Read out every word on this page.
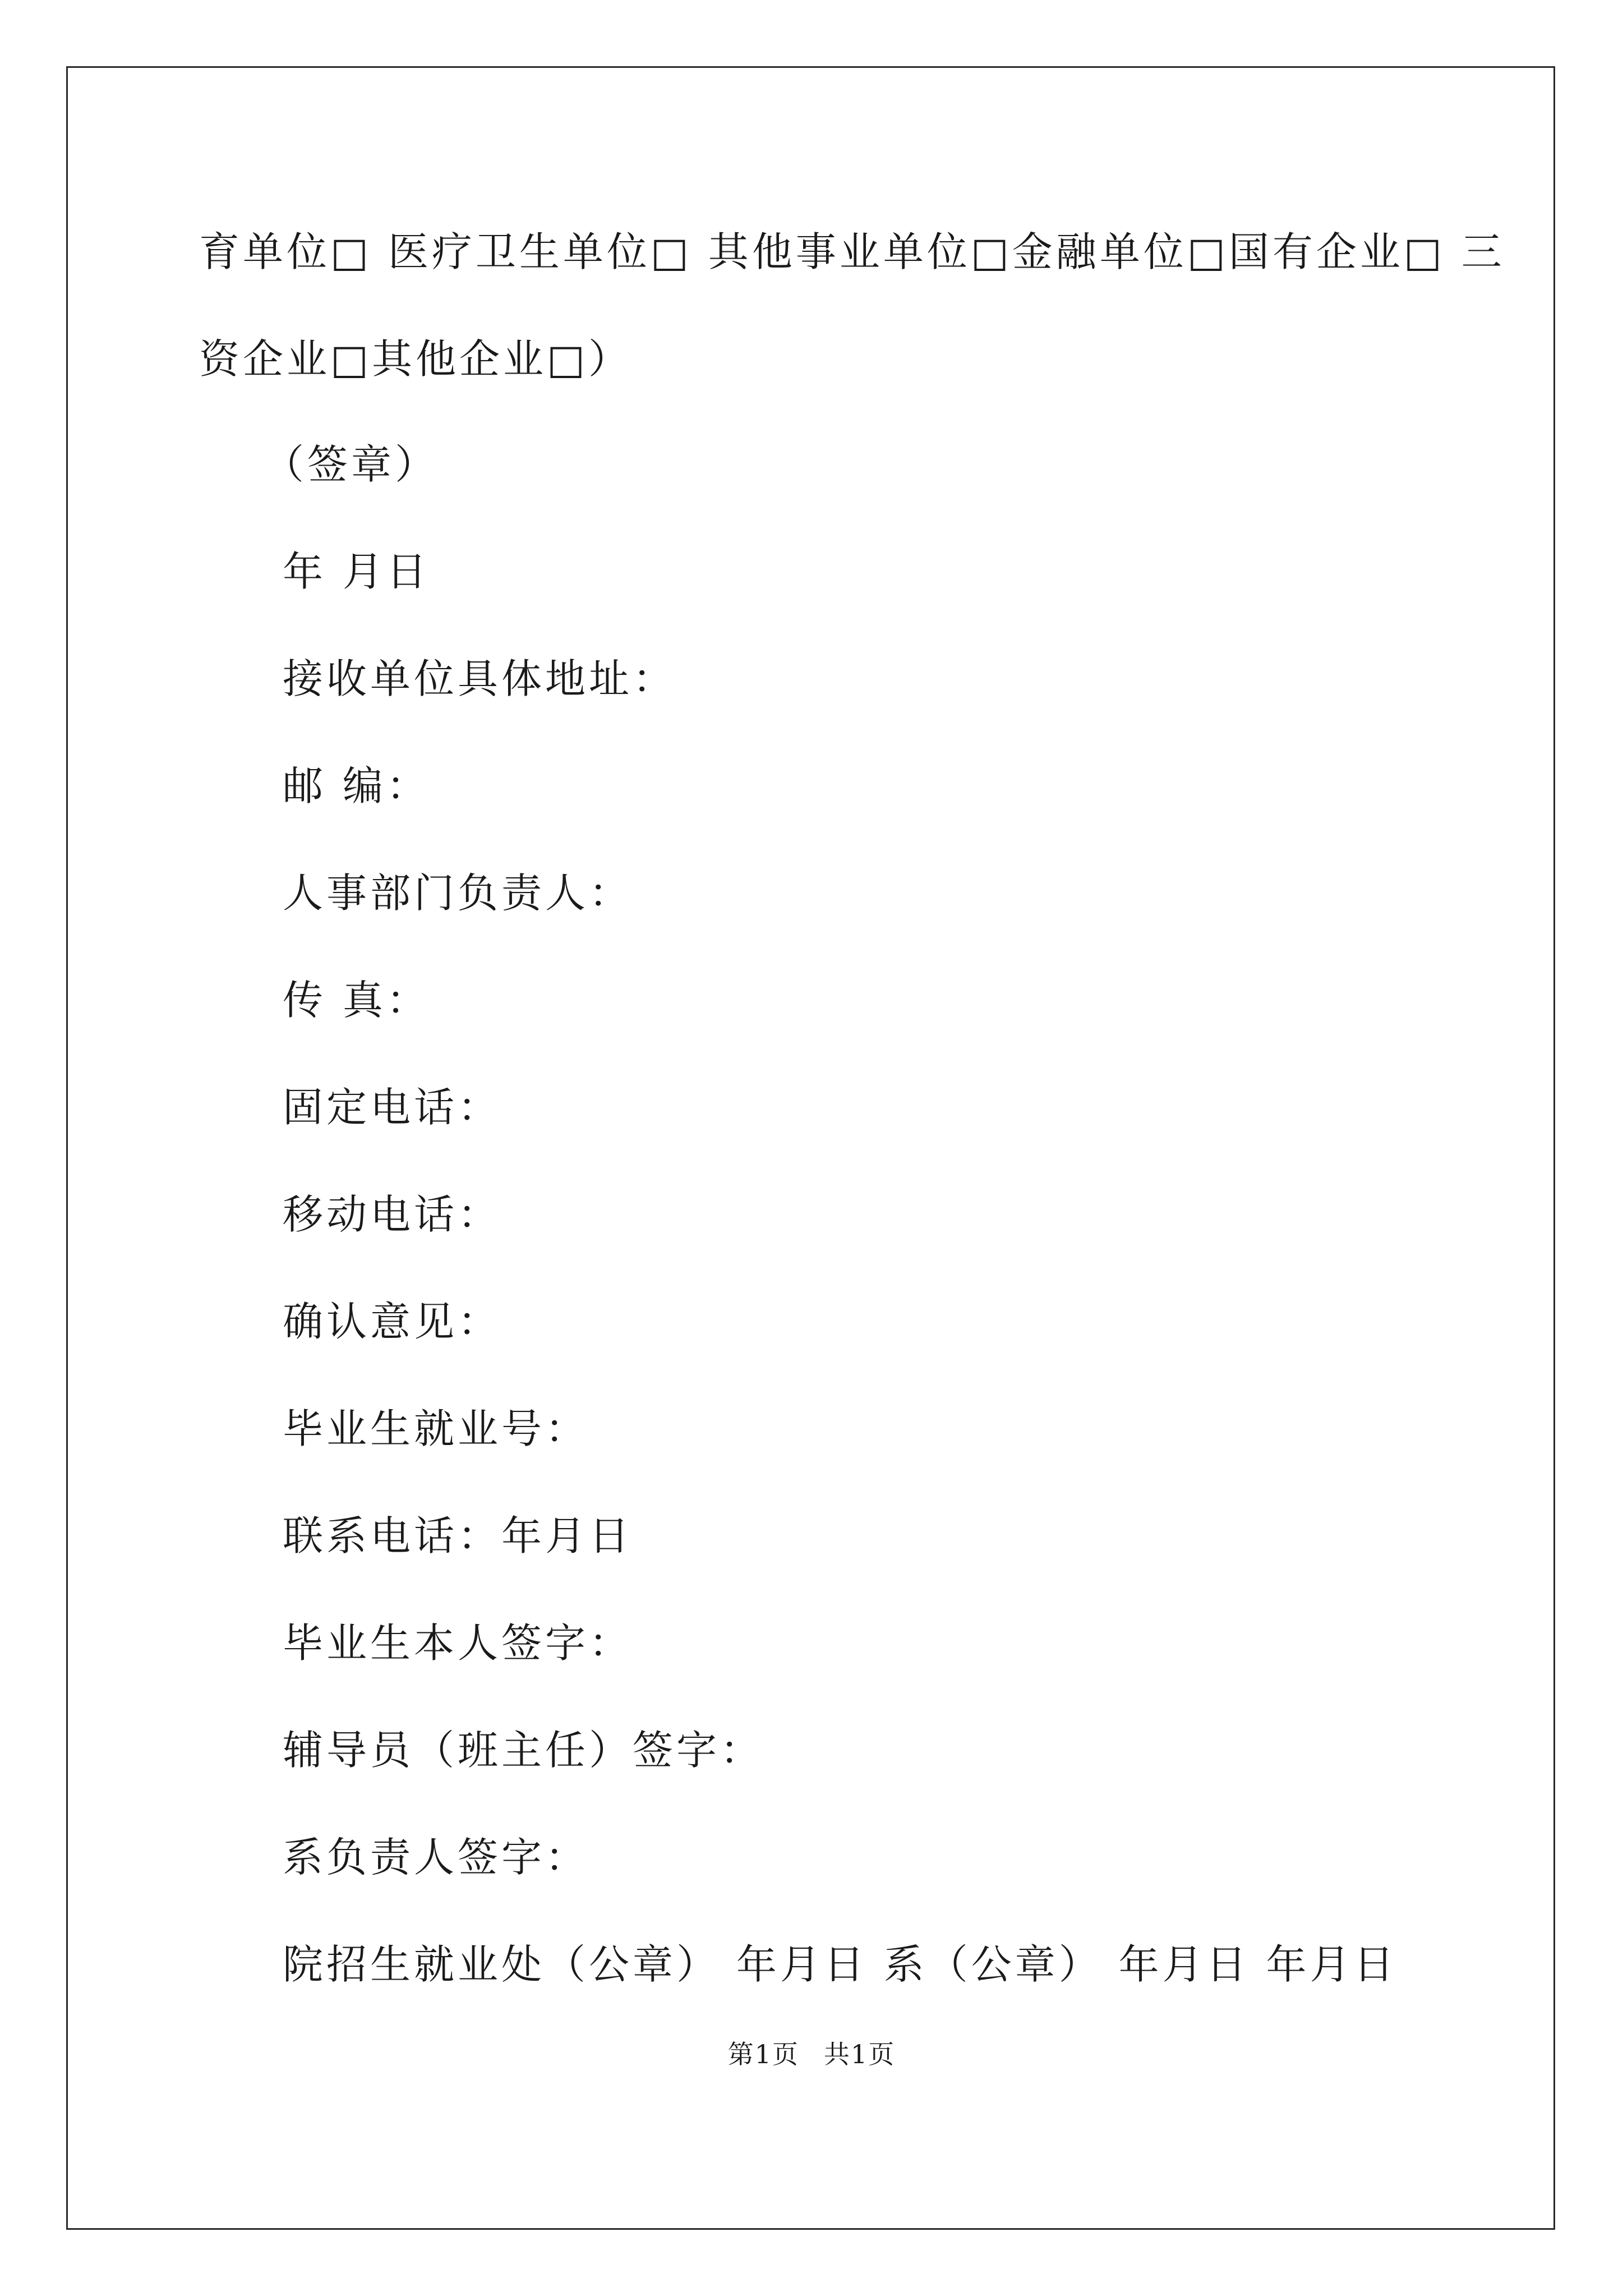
育单位□ 医疗卫生单位□ 其他事业单位□金融单位□国有企业□ 三
资企业□其他企业□）
（签章）
年 月日
接收单位具体地址：
邮 编：
人事部门负责人：
传 真：
固定电话：
移动电话：
确认意见：
毕业生就业号：
联系电话：年月日
毕业生本人签字：
辅导员（班主任）签字：
系负责人签字：
院招生就业处（公章） 年月日 系（公章） 年月日 年月日
第1页 共1页
